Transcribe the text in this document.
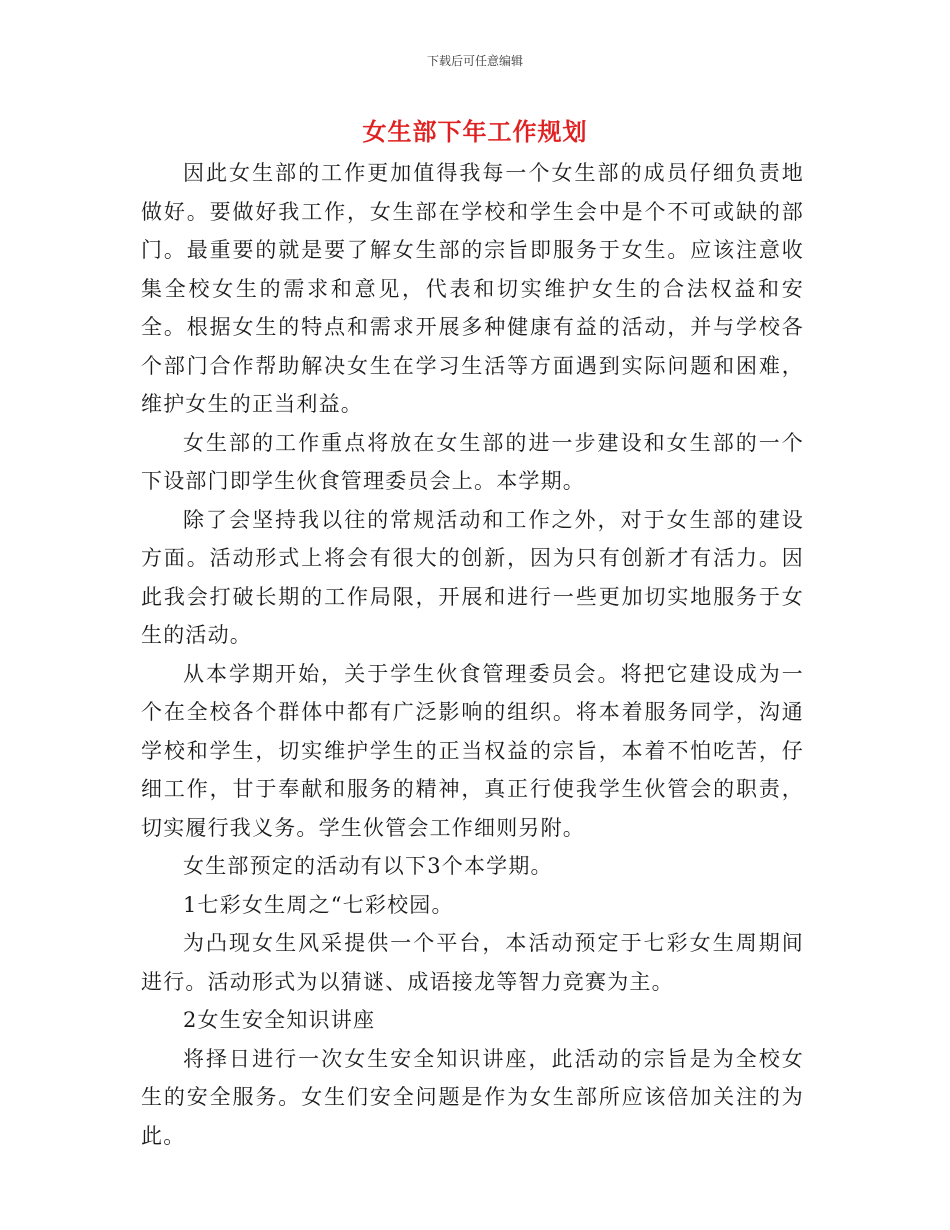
下载后可任意编辑
女生部下年工作规划

因此女生部的工作更加值得我每一个女生部的成员仔细负责地做好。要做好我工作，女生部在学校和学生会中是个不可或缺的部门。最重要的就是要了解女生部的宗旨即服务于女生。应该注意收集全校女生的需求和意见，代表和切实维护女生的合法权益和安全。根据女生的特点和需求开展多种健康有益的活动，并与学校各个部门合作帮助解决女生在学习生活等方面遇到实际问题和困难，维护女生的正当利益。

女生部的工作重点将放在女生部的进一步建设和女生部的一个下设部门即学生伙食管理委员会上。本学期。

除了会坚持我以往的常规活动和工作之外，对于女生部的建设方面。活动形式上将会有很大的创新，因为只有创新才有活力。因此我会打破长期的工作局限，开展和进行一些更加切实地服务于女生的活动。

从本学期开始，关于学生伙食管理委员会。将把它建设成为一个在全校各个群体中都有广泛影响的组织。将本着服务同学，沟通学校和学生，切实维护学生的正当权益的宗旨，本着不怕吃苦，仔细工作，甘于奉献和服务的精神，真正行使我学生伙管会的职责，切实履行我义务。学生伙管会工作细则另附。

女生部预定的活动有以下3个本学期。

1七彩女生周之“七彩校园。

为凸现女生风采提供一个平台，本活动预定于七彩女生周期间进行。活动形式为以猜谜、成语接龙等智力竞赛为主。

2女生安全知识讲座

将择日进行一次女生安全知识讲座，此活动的宗旨是为全校女生的安全服务。女生们安全问题是作为女生部所应该倍加关注的为此。
